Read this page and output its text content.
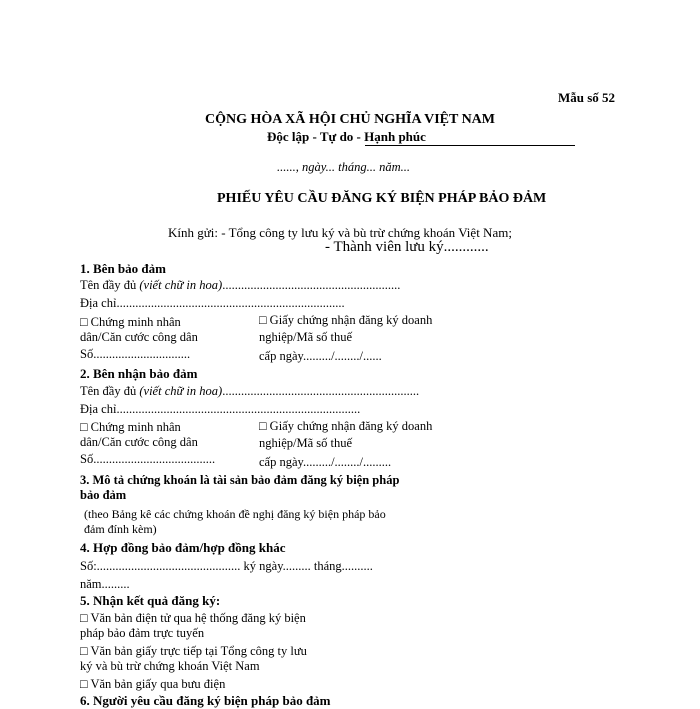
Mẫu số 52
CỘNG HÒA XÃ HỘI CHỦ NGHĨA VIỆT NAM
Độc lập - Tự do - Hạnh phúc
......, ngày... tháng... năm...
PHIẾU YÊU CẦU ĐĂNG KÝ BIỆN PHÁP BẢO ĐẢM
Kính gửi: - Tổng công ty lưu ký và bù trừ chứng khoán Việt Nam;
- Thành viên lưu ký............
1. Bên bảo đảm
Tên đầy đủ (viết chữ in hoa).........................................................
Địa chỉ.........................................................................
□ Chứng minh nhân
dân/Căn cước công dân
Số...............................
□ Giấy chứng nhận đăng ký doanh
nghiệp/Mã số thuế
cấp ngày........./......../......
2. Bên nhận bảo đảm
Tên đầy đủ (viết chữ in hoa)...............................................................
Địa chỉ..............................................................................
□ Chứng minh nhân
dân/Căn cước công dân
Số.......................................
□ Giấy chứng nhận đăng ký doanh
nghiệp/Mã số thuế
cấp ngày........./......../.........
3. Mô tả chứng khoán là tài sản bảo đảm đăng ký biện pháp
bảo đảm
(theo Bảng kê các chứng khoán đề nghị đăng ký biện pháp bảo
đảm đính kèm)
4. Hợp đồng bảo đảm/hợp đồng khác
Số:.............................................. ký ngày......... tháng..........
năm.........
5. Nhận kết quả đăng ký:
□ Văn bản điện tử qua hệ thống đăng ký biện
pháp bảo đảm trực tuyến
□ Văn bản giấy trực tiếp tại Tổng công ty lưu
ký và bù trừ chứng khoán Việt Nam
□ Văn bản giấy qua bưu điện
6. Người yêu cầu đăng ký biện pháp bảo đảm
